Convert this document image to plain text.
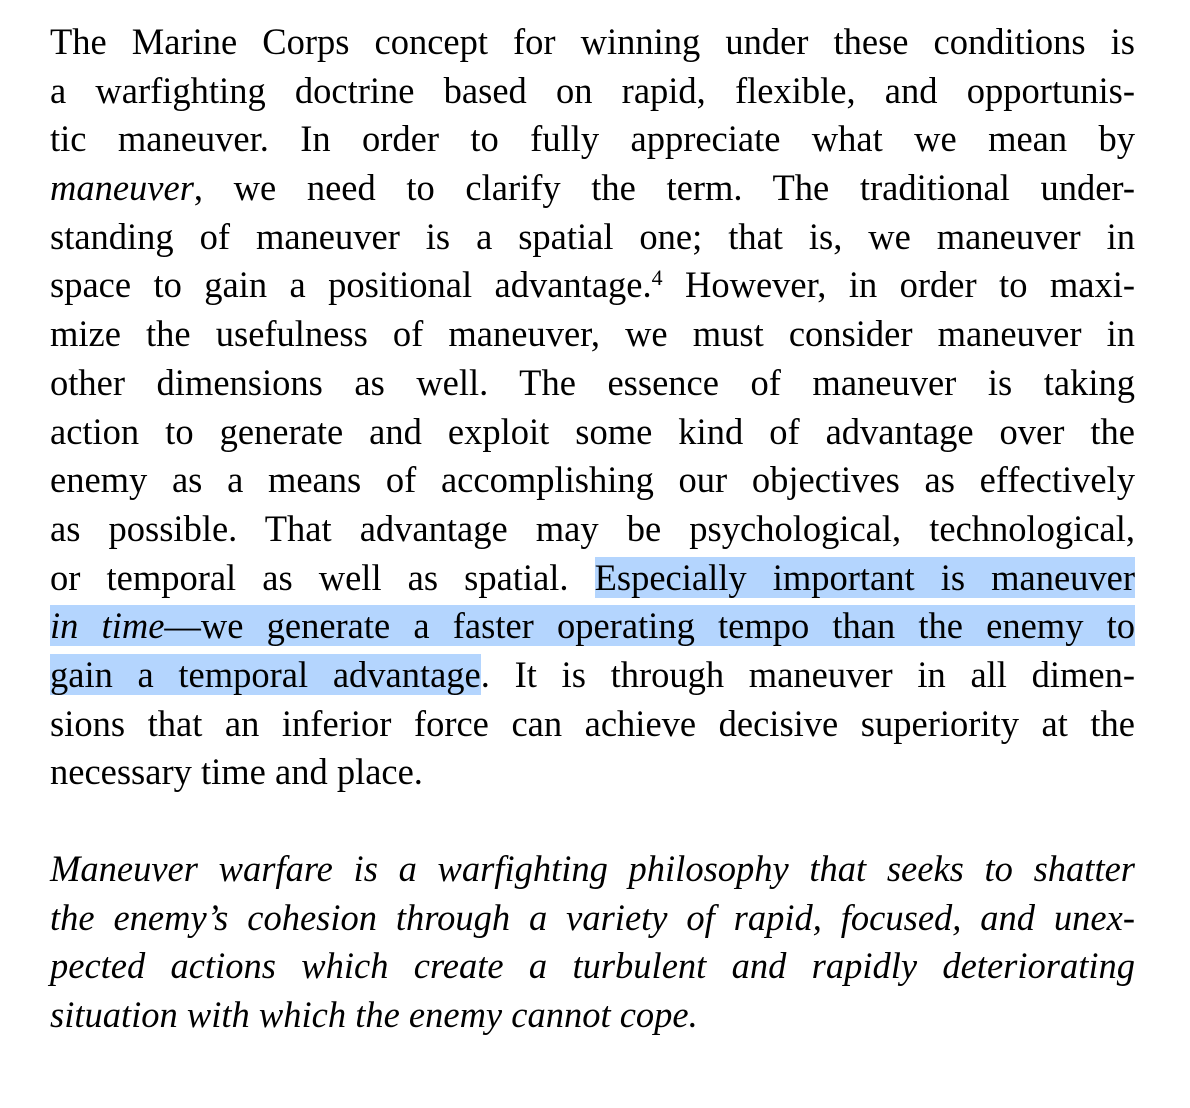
The Marine Corps concept for winning under these conditions is
a warfighting doctrine based on rapid, flexible, and opportunis-
tic maneuver. In order to fully appreciate what we mean by
maneuver, we need to clarify the term. The traditional under-
standing of maneuver is a spatial one; that is, we maneuver in
space to gain a positional advantage.$^4$ However, in order to maxi-
mize the usefulness of maneuver, we must consider maneuver in
other dimensions as well. The essence of maneuver is taking
action to generate and exploit some kind of advantage over the
enemy as a means of accomplishing our objectives as effectively
as possible. That advantage may be psychological, technological,
or temporal as well as spatial. Especially important is maneuver
in time—we generate a faster operating tempo than the enemy to
gain a temporal advantage. It is through maneuver in all dimen-
sions that an inferior force can achieve decisive superiority at the
necessary time and place.
Maneuver warfare is a warfighting philosophy that seeks to shatter
the enemy’s cohesion through a variety of rapid, focused, and unex-
pected actions which create a turbulent and rapidly deteriorating
situation with which the enemy cannot cope.
